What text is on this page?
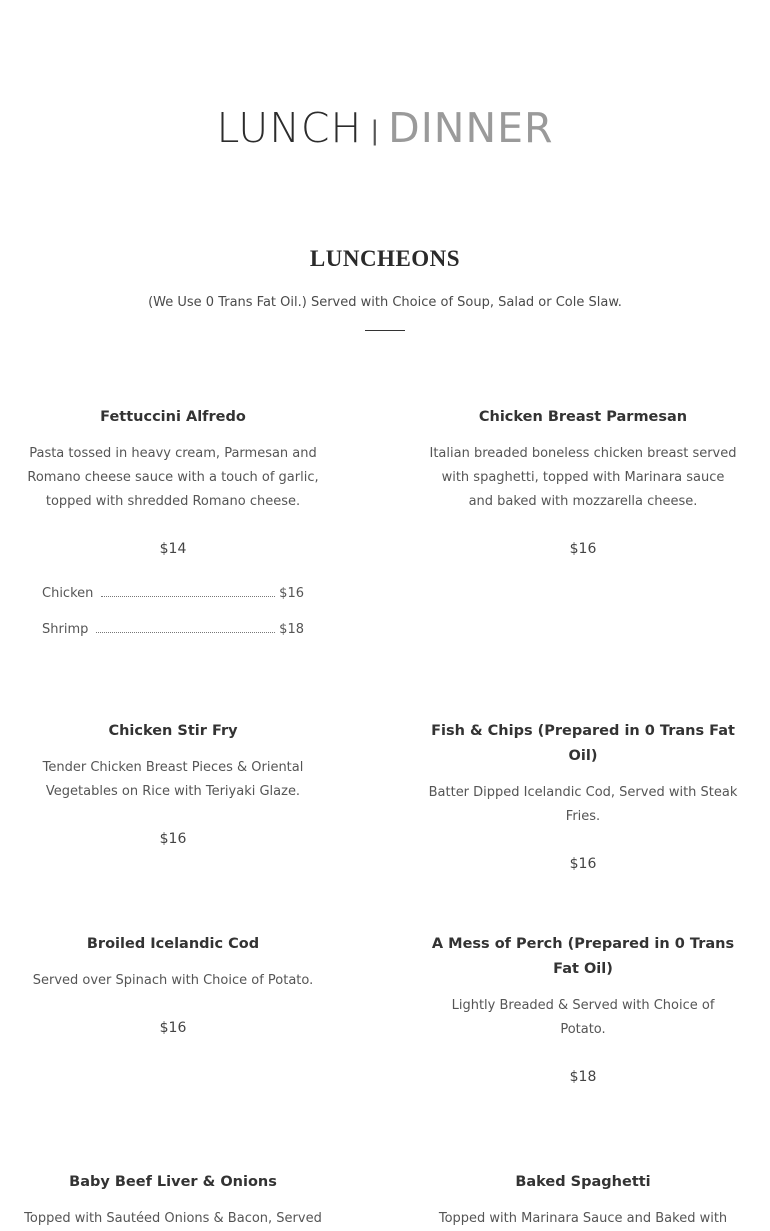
LUNCH | DINNER
LUNCHEONS
(We Use 0 Trans Fat Oil.) Served with Choice of Soup, Salad or Cole Slaw.
Fettuccini Alfredo
Pasta tossed in heavy cream, Parmesan and Romano cheese sauce with a touch of garlic, topped with shredded Romano cheese.
$14
Chicken	$16
Shrimp	$18
Chicken Breast Parmesan
Italian breaded boneless chicken breast served with spaghetti, topped with Marinara sauce and baked with mozzarella cheese.
$16
Chicken Stir Fry
Tender Chicken Breast Pieces & Oriental Vegetables on Rice with Teriyaki Glaze.
$16
Fish & Chips (Prepared in 0 Trans Fat Oil)
Batter Dipped Icelandic Cod, Served with Steak Fries.
$16
Broiled Icelandic Cod
Served over Spinach with Choice of Potato.
$16
A Mess of Perch (Prepared in 0 Trans Fat Oil)
Lightly Breaded & Served with Choice of Potato.
$18
Baby Beef Liver & Onions
Topped with Sautéed Onions & Bacon, Served
Baked Spaghetti
Topped with Marinara Sauce and Baked with
